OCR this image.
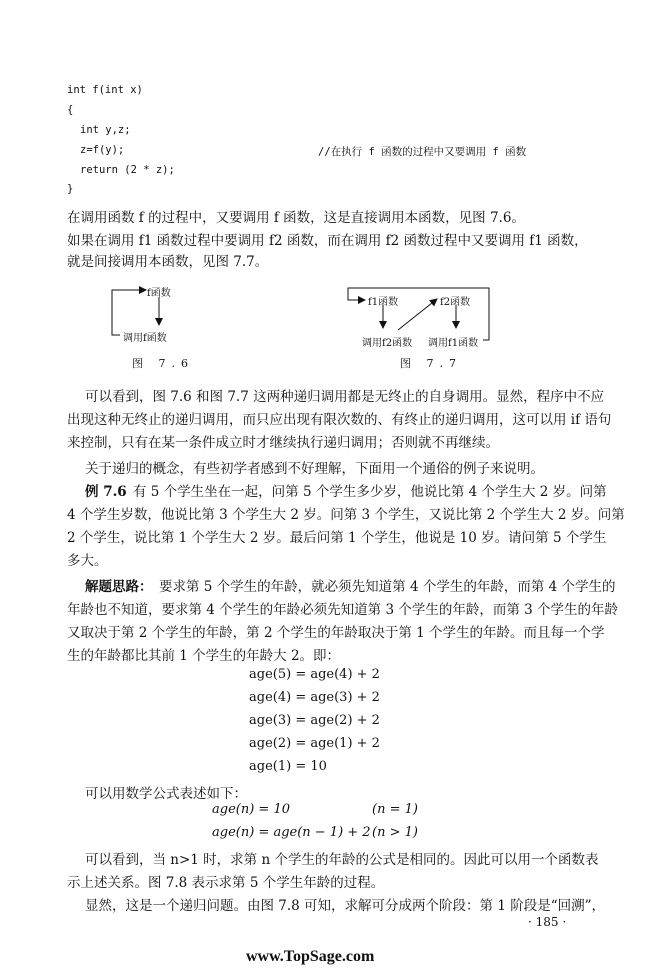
int f(int x)
{
int y,z;
z=f(y);	//在执行 f 函数的过程中又要调用 f 函数
return (2 * z);
}
在调用函数 f 的过程中，又要调用 f 函数，这是直接调用本函数，见图 7.6。
如果在调用 f1 函数过程中要调用 f2 函数，而在调用 f2 函数过程中又要调用 f1 函数，
就是间接调用本函数，见图 7.7。
f函数
调用f函数
图 7.6
f1函数	f2函数
调用f2函数 调用f1函数
图 7.7
可以看到，图 7.6 和图 7.7 这两种递归调用都是无终止的自身调用。显然，程序中不应
出现这种无终止的递归调用，而只应出现有限次数的、有终止的递归调用，这可以用 if 语句
来控制，只有在某一条件成立时才继续执行递归调用；否则就不再继续。
关于递归的概念，有些初学者感到不好理解，下面用一个通俗的例子来说明。
例 7.6 有 5 个学生坐在一起，问第 5 个学生多少岁，他说比第 4 个学生大 2 岁。问第
4 个学生岁数，他说比第 3 个学生大 2 岁。问第 3 个学生，又说比第 2 个学生大 2 岁。问第
2 个学生，说比第 1 个学生大 2 岁。最后问第 1 个学生，他说是 10 岁。请问第 5 个学生
多大。
解题思路： 要求第 5 个学生的年龄，就必须先知道第 4 个学生的年龄，而第 4 个学生的
年龄也不知道，要求第 4 个学生的年龄必须先知道第 3 个学生的年龄，而第 3 个学生的年龄
又取决于第 2 个学生的年龄，第 2 个学生的年龄取决于第 1 个学生的年龄。而且每一个学
生的年龄都比其前 1 个学生的年龄大 2。即：
age(5) = age(4) + 2
age(4) = age(3) + 2
age(3) = age(2) + 2
age(2) = age(1) + 2
age(1) = 10
可以用数学公式表述如下：
age(n) = 10	(n = 1)
age(n) = age(n − 1) + 2 (n > 1)
可以看到，当 n>1 时，求第 n 个学生的年龄的公式是相同的。因此可以用一个函数表
示上述关系。图 7.8 表示求第 5 个学生年龄的过程。
显然，这是一个递归问题。由图 7.8 可知，求解可分成两个阶段：第 1 阶段是“回溯”，
· 185 ·
www.TopSage.com
